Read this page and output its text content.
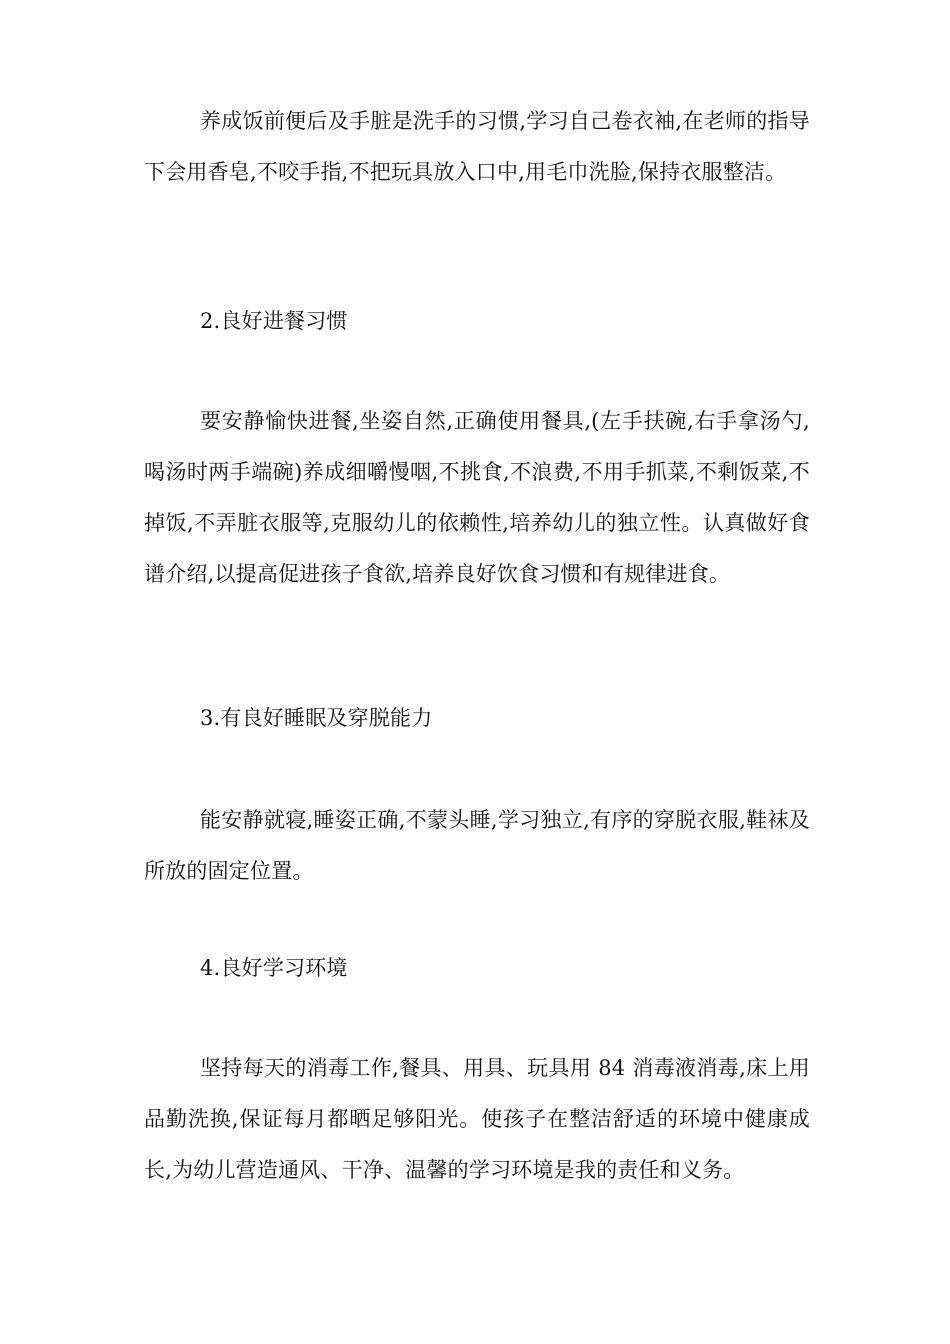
养成饭前便后及手脏是洗手的习惯,学习自己卷衣袖,在老师的指导下会用香皂,不咬手指,不把玩具放入口中,用毛巾洗脸,保持衣服整洁。

2.良好进餐习惯

要安静愉快进餐,坐姿自然,正确使用餐具,(左手扶碗,右手拿汤勺,喝汤时两手端碗)养成细嚼慢咽,不挑食,不浪费,不用手抓菜,不剩饭菜,不掉饭,不弄脏衣服等,克服幼儿的依赖性,培养幼儿的独立性。认真做好食谱介绍,以提高促进孩子食欲,培养良好饮食习惯和有规律进食。

3.有良好睡眠及穿脱能力

能安静就寝,睡姿正确,不蒙头睡,学习独立,有序的穿脱衣服,鞋袜及所放的固定位置。

4.良好学习环境

坚持每天的消毒工作,餐具、用具、玩具用 84 消毒液消毒,床上用品勤洗换,保证每月都晒足够阳光。使孩子在整洁舒适的环境中健康成长,为幼儿营造通风、干净、温馨的学习环境是我的责任和义务。
